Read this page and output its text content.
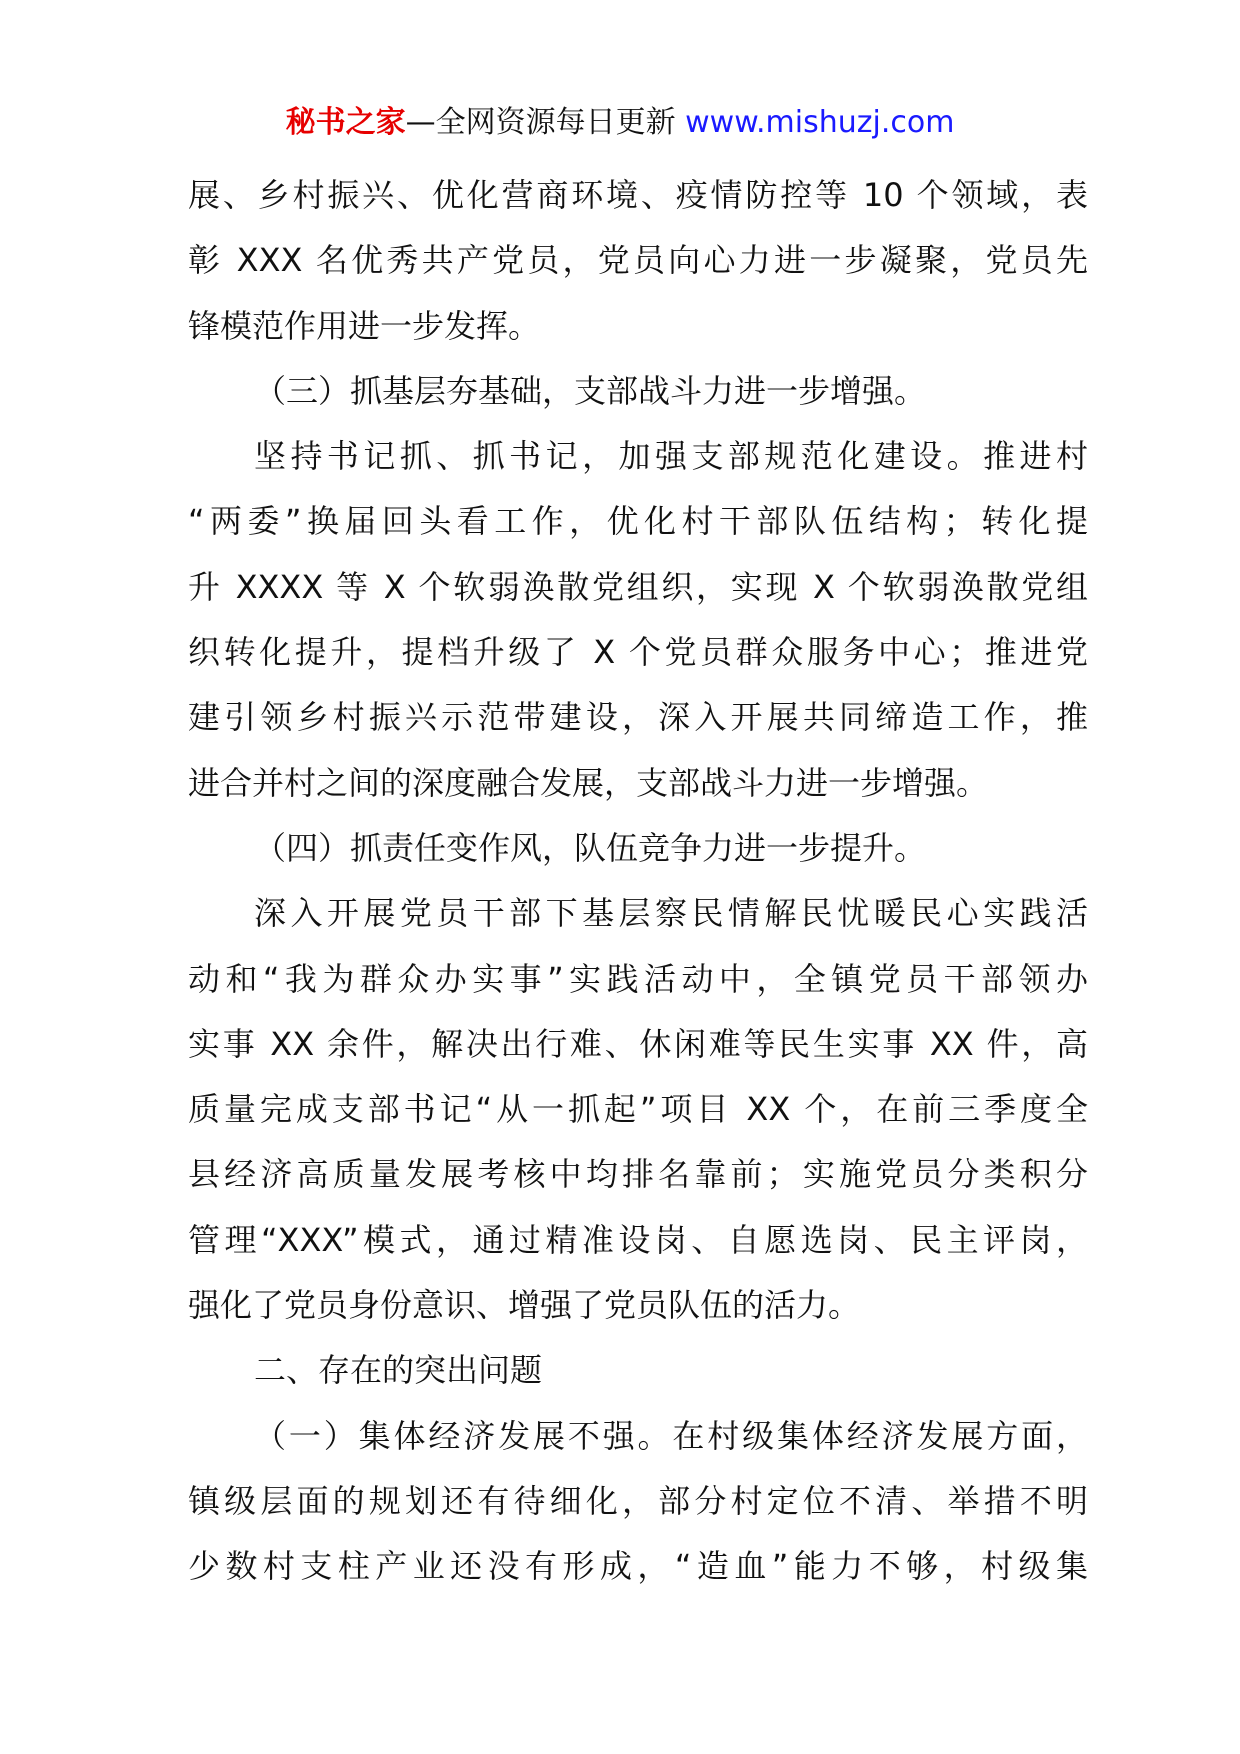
秘书之家—全网资源每日更新 www.mishuzj.com
展、乡村振兴、优化营商环境、疫情防控等 10 个领域，表
彰 XXX 名优秀共产党员，党员向心力进一步凝聚，党员先
锋模范作用进一步发挥。
（三）抓基层夯基础，支部战斗力进一步增强。
坚持书记抓、抓书记，加强支部规范化建设。推进村
“两委”换届回头看工作，优化村干部队伍结构；转化提
升 XXXX 等 X 个软弱涣散党组织，实现 X 个软弱涣散党组
织转化提升，提档升级了 X 个党员群众服务中心；推进党
建引领乡村振兴示范带建设，深入开展共同缔造工作，推
进合并村之间的深度融合发展，支部战斗力进一步增强。
（四）抓责任变作风，队伍竞争力进一步提升。
深入开展党员干部下基层察民情解民忧暖民心实践活
动和“我为群众办实事”实践活动中，全镇党员干部领办
实事 XX 余件，解决出行难、休闲难等民生实事 XX 件，高
质量完成支部书记“从一抓起”项目 XX 个，在前三季度全
县经济高质量发展考核中均排名靠前；实施党员分类积分
管理“XXX”模式，通过精准设岗、自愿选岗、民主评岗，
强化了党员身份意识、增强了党员队伍的活力。
二、存在的突出问题
（一）集体经济发展不强。在村级集体经济发展方面，
镇级层面的规划还有待细化，部分村定位不清、举措不明
少数村支柱产业还没有形成，“造血”能力不够，村级集
